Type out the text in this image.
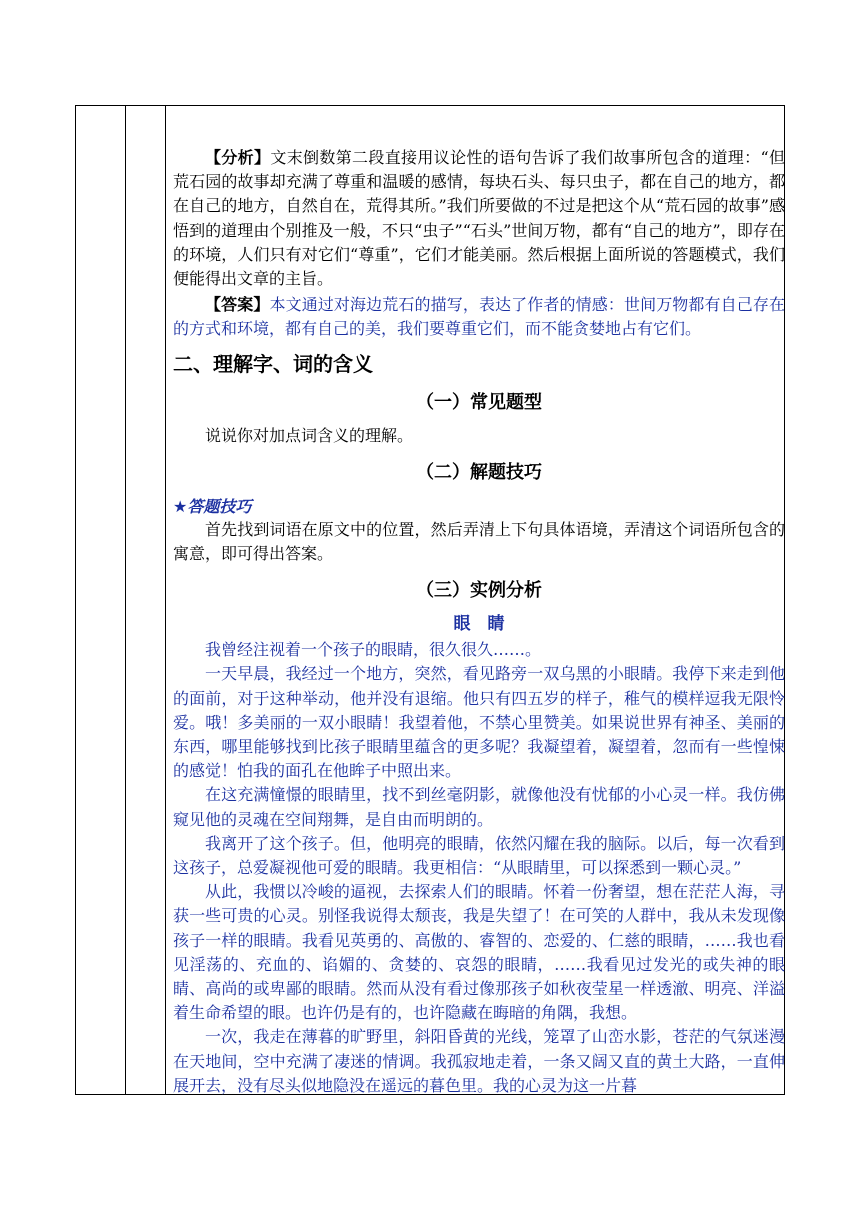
【分析】文末倒数第二段直接用议论性的语句告诉了我们故事所包含的道理：“但荒石园的故事却充满了尊重和温暖的感情，每块石头、每只虫子，都在自己的地方，都在自己的地方，自然自在，荒得其所。”我们所要做的不过是把这个从“荒石园的故事”感悟到的道理由个别推及一般，不只“虫子”“石头”世间万物，都有“自己的地方”，即存在的环境，人们只有对它们“尊重”，它们才能美丽。然后根据上面所说的答题模式，我们便能得出文章的主旨。

【答案】本文通过对海边荒石的描写，表达了作者的情感：世间万物都有自己存在的方式和环境，都有自己的美，我们要尊重它们，而不能贪婪地占有它们。

二、理解字、词的含义
（一）常见题型

说说你对加点词含义的理解。

（二）解题技巧
★答题技巧

首先找到词语在原文中的位置，然后弄清上下句具体语境，弄清这个词语所包含的寓意，即可得出答案。

（三）实例分析
眼　睛

我曾经注视着一个孩子的眼睛，很久很久……。

一天早晨，我经过一个地方，突然，看见路旁一双乌黑的小眼睛。我停下来走到他的面前，对于这种举动，他并没有退缩。他只有四五岁的样子，稚气的模样逗我无限怜爱。哦！多美丽的一双小眼睛！我望着他，不禁心里赞美。如果说世界有神圣、美丽的东西，哪里能够找到比孩子眼睛里蕴含的更多呢？我凝望着，凝望着，忽而有一些惶悚的感觉！怕我的面孔在他眸子中照出来。

在这充满憧憬的眼睛里，找不到丝毫阴影，就像他没有忧郁的小心灵一样。我仿佛窥见他的灵魂在空间翔舞，是自由而明朗的。

我离开了这个孩子。但，他明亮的眼睛，依然闪耀在我的脑际。以后，每一次看到这孩子，总爱凝视他可爱的眼睛。我更相信：“从眼睛里，可以探悉到一颗心灵。”

从此，我惯以冷峻的逼视，去探索人们的眼睛。怀着一份奢望，想在茫茫人海，寻获一些可贵的心灵。别怪我说得太颓丧，我是失望了！在可笑的人群中，我从未发现像孩子一样的眼睛。我看见英勇的、高傲的、睿智的、恋爱的、仁慈的眼睛，……我也看见淫荡的、充血的、谄媚的、贪婪的、哀怨的眼睛，……我看见过发光的或失神的眼睛、高尚的或卑鄙的眼睛。然而从没有看过像那孩子如秋夜莹星一样透澈、明亮、洋溢着生命希望的眼。也许仍是有的，也许隐藏在晦暗的角隅，我想。

一次，我走在薄暮的旷野里，斜阳昏黄的光线，笼罩了山峦水影，苍茫的气氛迷漫在天地间，空中充满了凄迷的情调。我孤寂地走着，一条又阔又直的黄土大路，一直伸展开去，没有尽头似地隐没在遥远的暮色里。我的心灵为这一片暮
